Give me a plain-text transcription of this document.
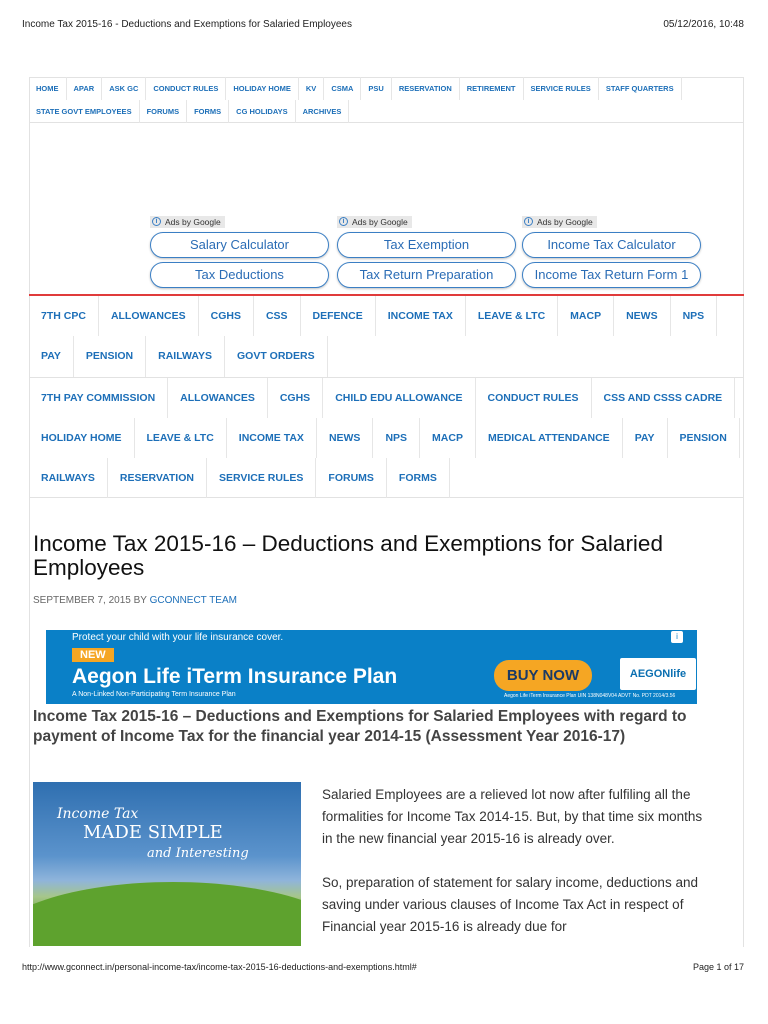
Income Tax 2015-16 - Deductions and Exemptions for Salaried Employees	05/12/2016, 10:48
HOME	APAR	ASK GC	CONDUCT RULES	HOLIDAY HOME	KV	CSMA	PSU	RESERVATION	RETIREMENT	SERVICE RULES	STAFF QUARTERS
STATE GOVT EMPLOYEES	FORUMS	FORMS	CG HOLIDAYS	ARCHIVES
i Ads by Google
Salary Calculator
Tax Deductions
i Ads by Google
Tax Exemption
Tax Return Preparation
i Ads by Google
Income Tax Calculator
Income Tax Return Form 1
7TH CPC	ALLOWANCES	CGHS	CSS	DEFENCE	INCOME TAX	LEAVE & LTC	MACP	NEWS	NPS
PAY	PENSION	RAILWAYS	GOVT ORDERS
7TH PAY COMMISSION	ALLOWANCES	CGHS	CHILD EDU ALLOWANCE	CONDUCT RULES	CSS AND CSSS CADRE
HOLIDAY HOME	LEAVE & LTC	INCOME TAX	NEWS	NPS	MACP	MEDICAL ATTENDANCE	PAY	PENSION
RAILWAYS	RESERVATION	SERVICE RULES	FORUMS	FORMS
Income Tax 2015-16 – Deductions and Exemptions for Salaried Employees
SEPTEMBER 7, 2015 BY GCONNECT TEAM
Protect your child with your life insurance cover.
NEW
Aegon Life iTerm Insurance Plan
A Non-Linked Non-Participating Term Insurance Plan
BUY NOW	AEGONlife
Aegon Life iTerm Insurance Plan UIN 138N048V04 ADVT No. PDT 2014/3.56
i
Income Tax 2015-16 – Deductions and Exemptions for Salaried Employees with regard to payment of Income Tax for the financial year 2014-15 (Assessment Year 2016-17)
Income Tax
MADE SIMPLE
and Interesting

Salaried Employees are a relieved lot now after fulfiling all the formalities for Income Tax 2014-15. But, by that time six months in the new financial year 2015-16 is already over.

So, preparation of statement for salary income, deductions and saving under various clauses of Income Tax Act in respect of Financial year 2015-16 is already due for

http://www.gconnect.in/personal-income-tax/income-tax-2015-16-deductions-and-exemptions.html#	Page 1 of 17
